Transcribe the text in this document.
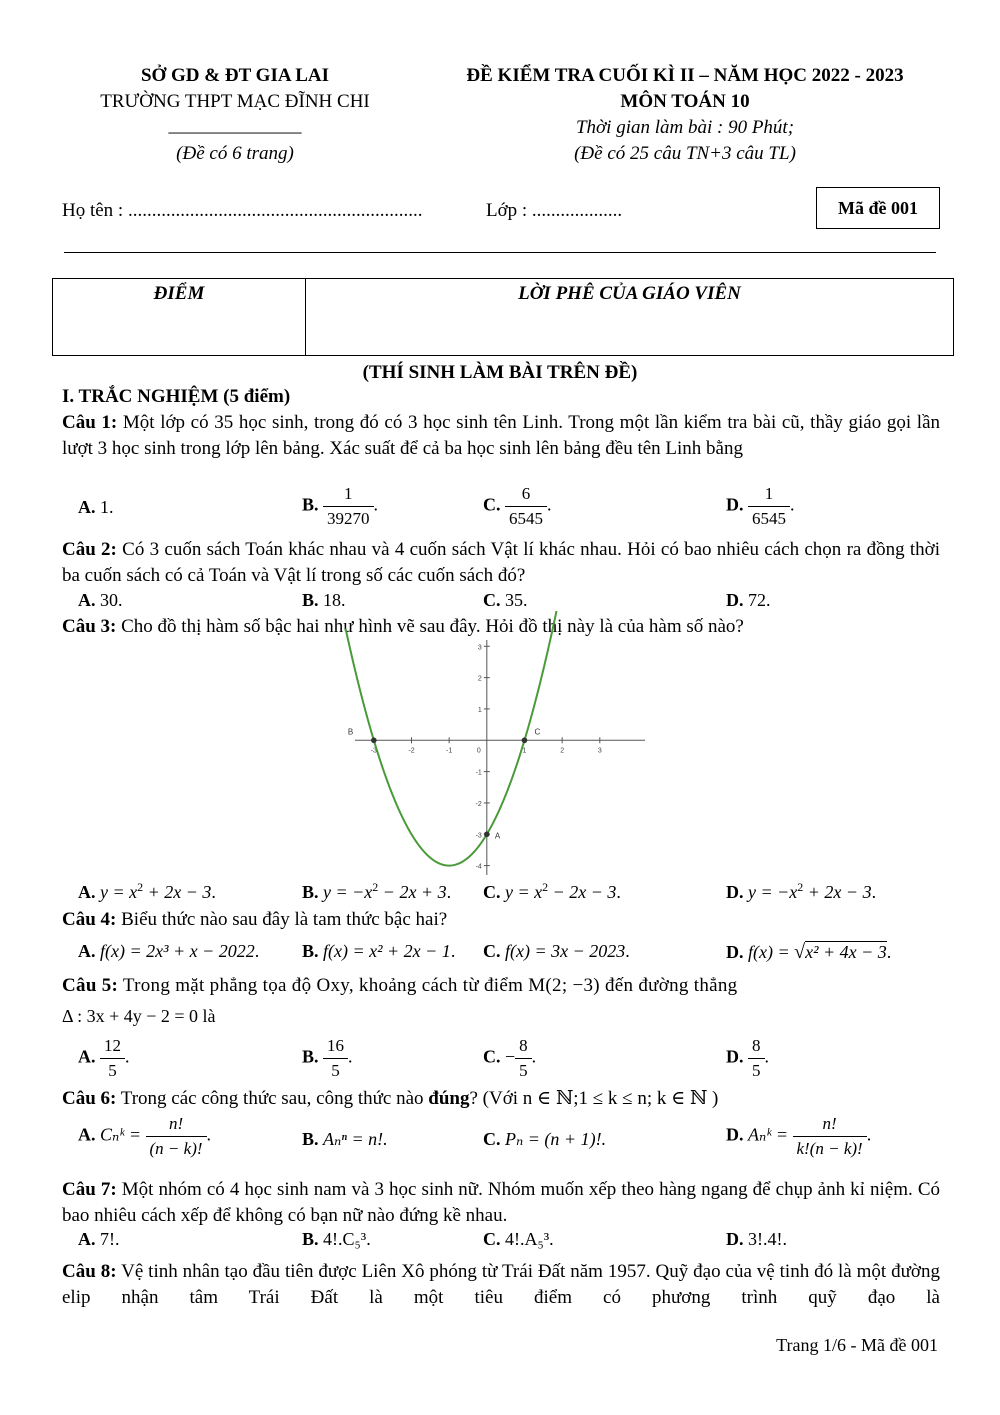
SỞ GD & ĐT GIA LAI
TRƯỜNG THPT MẠC ĐĨNH CHI
______________
(Đề có 6 trang)
ĐỀ KIỂM TRA CUỐI KÌ II – NĂM HỌC 2022 - 2023
MÔN TOÁN 10
Thời gian làm bài : 90 Phút;
(Đề có 25 câu TN+3 câu TL)
Họ tên : ..............................................................	Lớp : ...................	Mã đề 001
ĐIỂM	LỜI PHÊ CỦA GIÁO VIÊN
(THÍ SINH LÀM BÀI TRÊN ĐỀ)
I. TRẮC NGHIỆM (5 điểm)
Câu 1: Một lớp có 35 học sinh, trong đó có 3 học sinh tên Linh. Trong một lần kiểm tra bài cũ, thầy giáo gọi lần lượt 3 học sinh trong lớp lên bảng. Xác suất để cả ba học sinh lên bảng đều tên Linh bằng
A. 1.	B. $\frac{1}{39270}$ .	C. $\frac{6}{6545}$ .	D. $\frac{1}{6545}$ .
Câu 2: Có 3 cuốn sách Toán khác nhau và 4 cuốn sách Vật lí khác nhau. Hỏi có bao nhiêu cách chọn ra đồng thời ba cuốn sách có cả Toán và Vật lí trong số các cuốn sách đó?
A. 30.	B. 18.	C. 35.	D. 72.
Câu 3: Cho đồ thị hàm số bậc hai như hình vẽ sau đây. Hỏi đồ thị này là của hàm số nào?
-3	-2	-1	0	1	2	3
3
2
1
-1
-2
-3
-4
B	C
A
A. $y = x^2 + 2x - 3$.	B. $y = -x^2 - 2x + 3$. C. $y = x^2 - 2x - 3$.	D. $y = -x^2 + 2x - 3$.
Câu 4: Biểu thức nào sau đây là tam thức bậc hai?
A. f(x) = 2x³ + x − 2022. B. f(x) = x² + 2x − 1. C. f(x) = 3x − 2023.	D. f(x) = √x² + 4x − 3.
Câu 5: Trong mặt phẳng tọa độ Oxy, khoảng cách từ điểm M(2; −3) đến đường thẳng
Δ : 3x + 4y − 2 = 0 là
A. $\frac{12}{5}$ .	B. $\frac{16}{5}$ .	C. − $\frac{8}{5}$ .	D. $\frac{8}{5}$ .
Câu 6: Trong các công thức sau, công thức nào đúng? (Với n ∈ ℕ;1 ≤ k ≤ n; k ∈ ℕ )
A. Cₙᵏ = $\frac{n!}{(n - k)!}$ .	B. Aₙⁿ = n!.	C. Pₙ = (n + 1)!.	D. Aₙᵏ = $\frac{n!}{k!(n - k)!}$ .
Câu 7: Một nhóm có 4 học sinh nam và 3 học sinh nữ. Nhóm muốn xếp theo hàng ngang để chụp ảnh kỉ niệm. Có bao nhiêu cách xếp để không có bạn nữ nào đứng kề nhau.
A. 7!.	B. 4!.C₅³.	C. 4!.A₅³.	D. 3!.4!.
Câu 8: Vệ tinh nhân tạo đầu tiên được Liên Xô phóng từ Trái Đất năm 1957. Quỹ đạo của vệ tinh đó là một đường elip nhận tâm Trái Đất là một tiêu điểm có phương trình quỹ đạo là
Trang 1/6 - Mã đề 001
